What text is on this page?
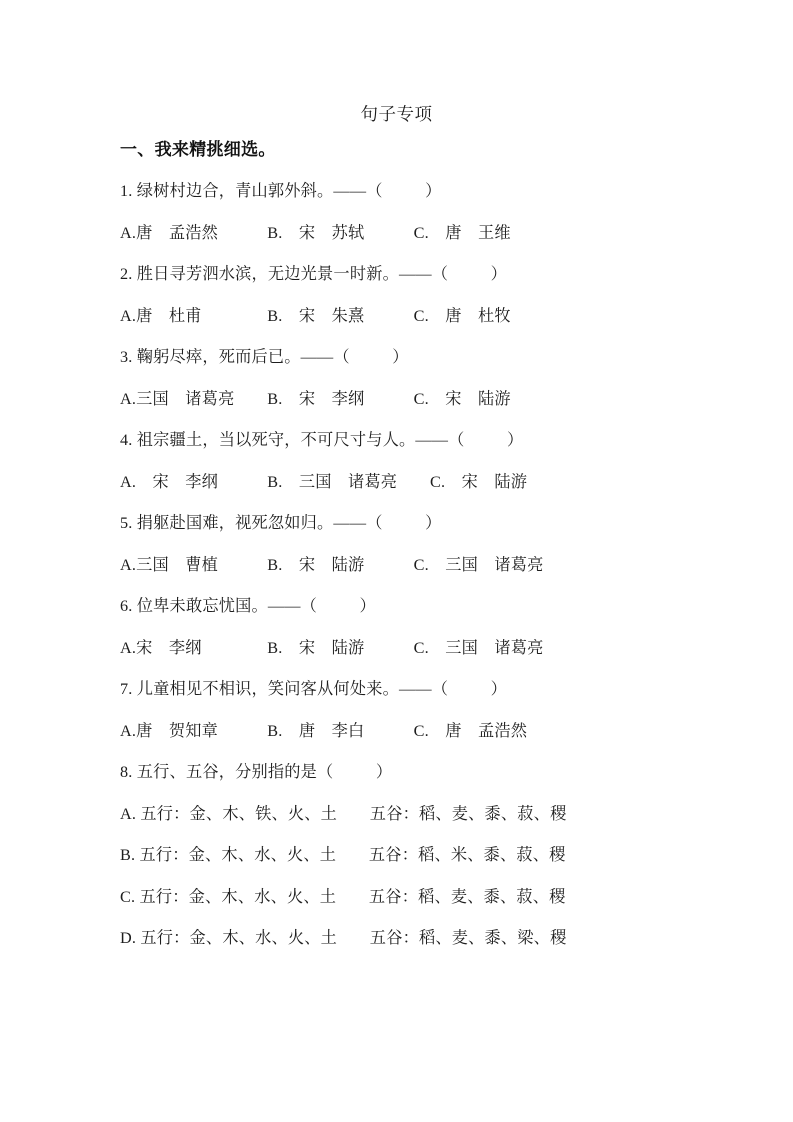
句子专项
一、我来精挑细选。
1. 绿树村边合，青山郭外斜。——（          ）
A.唐　孟浩然　　　B.　宋　苏轼　　　C.　唐　王维
2. 胜日寻芳泗水滨，无边光景一时新。——（          ）
A.唐　杜甫　　　　B.　宋　朱熹　　　C.　唐　杜牧
3. 鞠躬尽瘁，死而后已。——（          ）
A.三国　诸葛亮　　B.　宋　李纲　　　C.　宋　陆游
4. 祖宗疆土，当以死守，不可尺寸与人。——（          ）
A.　宋　李纲　　　B.　三国　诸葛亮　　C.　宋　陆游
5. 捐躯赴国难，视死忽如归。——（          ）
A.三国　曹植　　　B.　宋　陆游　　　C.　三国　诸葛亮
6. 位卑未敢忘忧国。——（          ）
A.宋　李纲　　　　B.　宋　陆游　　　C.　三国　诸葛亮
7. 儿童相见不相识，笑问客从何处来。——（          ）
A.唐　贺知章　　　B.　唐　李白　　　C.　唐　孟浩然
8. 五行、五谷，分别指的是（          ）
A. 五行：金、木、铁、火、土　　五谷：稻、麦、黍、菽、稷
B. 五行：金、木、水、火、土　　五谷：稻、米、黍、菽、稷
C. 五行：金、木、水、火、土　　五谷：稻、麦、黍、菽、稷
D. 五行：金、木、水、火、土　　五谷：稻、麦、黍、梁、稷
